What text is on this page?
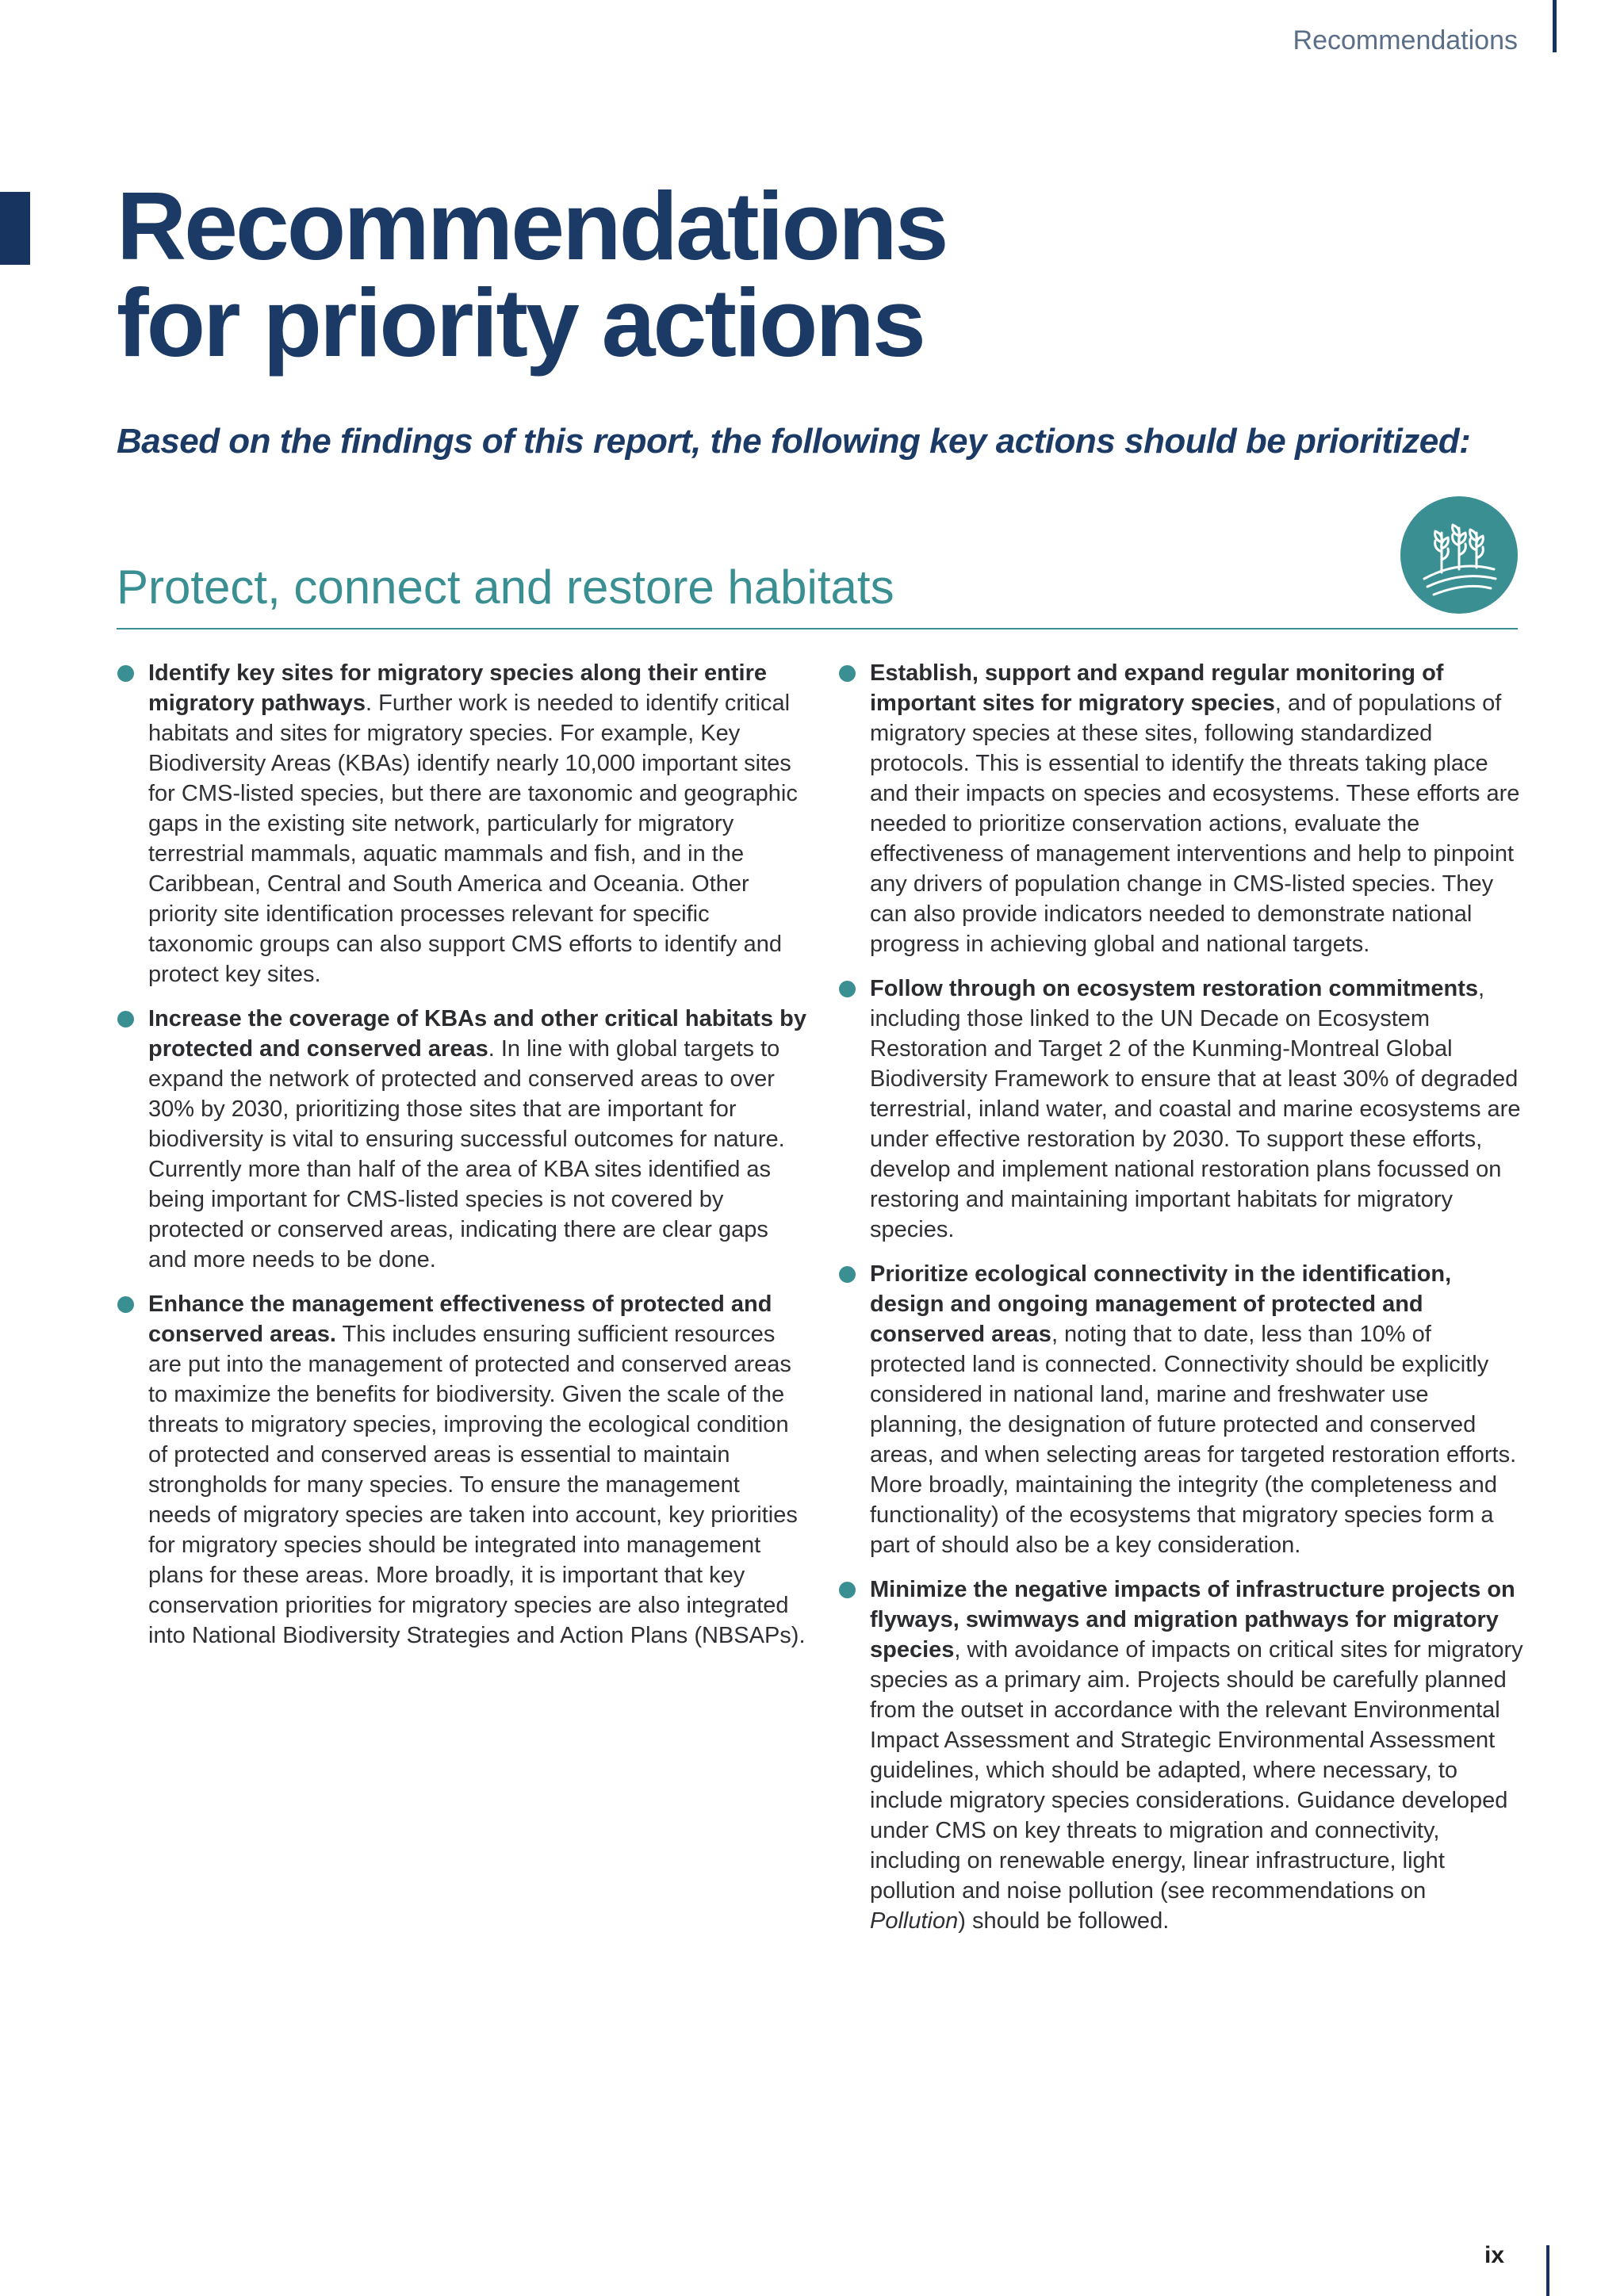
Recommendations
Recommendations
for priority actions

Based on the findings of this report, the following key actions should be prioritized:

Protect, connect and restore habitats
Identify key sites for migratory species along their entire migratory pathways. Further work is needed to identify critical habitats and sites for migratory species. For example, Key Biodiversity Areas (KBAs) identify nearly 10,000 important sites for CMS-listed species, but there are taxonomic and geographic gaps in the existing site network, particularly for migratory terrestrial mammals, aquatic mammals and fish, and in the Caribbean, Central and South America and Oceania. Other priority site identification processes relevant for specific taxonomic groups can also support CMS efforts to identify and protect key sites.
Increase the coverage of KBAs and other critical habitats by protected and conserved areas. In line with global targets to expand the network of protected and conserved areas to over 30% by 2030, prioritizing those sites that are important for biodiversity is vital to ensuring successful outcomes for nature. Currently more than half of the area of KBA sites identified as being important for CMS-listed species is not covered by protected or conserved areas, indicating there are clear gaps and more needs to be done.
Enhance the management effectiveness of protected and conserved areas. This includes ensuring sufficient resources are put into the management of protected and conserved areas to maximize the benefits for biodiversity. Given the scale of the threats to migratory species, improving the ecological condition of protected and conserved areas is essential to maintain strongholds for many species. To ensure the management needs of migratory species are taken into account, key priorities for migratory species should be integrated into management plans for these areas. More broadly, it is important that key conservation priorities for migratory species are also integrated into National Biodiversity Strategies and Action Plans (NBSAPs).
Establish, support and expand regular monitoring of important sites for migratory species, and of populations of migratory species at these sites, following standardized protocols. This is essential to identify the threats taking place and their impacts on species and ecosystems. These efforts are needed to prioritize conservation actions, evaluate the effectiveness of management interventions and help to pinpoint any drivers of population change in CMS-listed species. They can also provide indicators needed to demonstrate national progress in achieving global and national targets.
Follow through on ecosystem restoration commitments, including those linked to the UN Decade on Ecosystem Restoration and Target 2 of the Kunming-Montreal Global Biodiversity Framework to ensure that at least 30% of degraded terrestrial, inland water, and coastal and marine ecosystems are under effective restoration by 2030. To support these efforts, develop and implement national restoration plans focussed on restoring and maintaining important habitats for migratory species.
Prioritize ecological connectivity in the identification, design and ongoing management of protected and conserved areas, noting that to date, less than 10% of protected land is connected. Connectivity should be explicitly considered in national land, marine and freshwater use planning, the designation of future protected and conserved areas, and when selecting areas for targeted restoration efforts. More broadly, maintaining the integrity (the completeness and functionality) of the ecosystems that migratory species form a part of should also be a key consideration.
Minimize the negative impacts of infrastructure projects on flyways, swimways and migration pathways for migratory species, with avoidance of impacts on critical sites for migratory species as a primary aim. Projects should be carefully planned from the outset in accordance with the relevant Environmental Impact Assessment and Strategic Environmental Assessment guidelines, which should be adapted, where necessary, to include migratory species considerations. Guidance developed under CMS on key threats to migration and connectivity, including on renewable energy, linear infrastructure, light pollution and noise pollution (see recommendations on Pollution) should be followed.
ix
